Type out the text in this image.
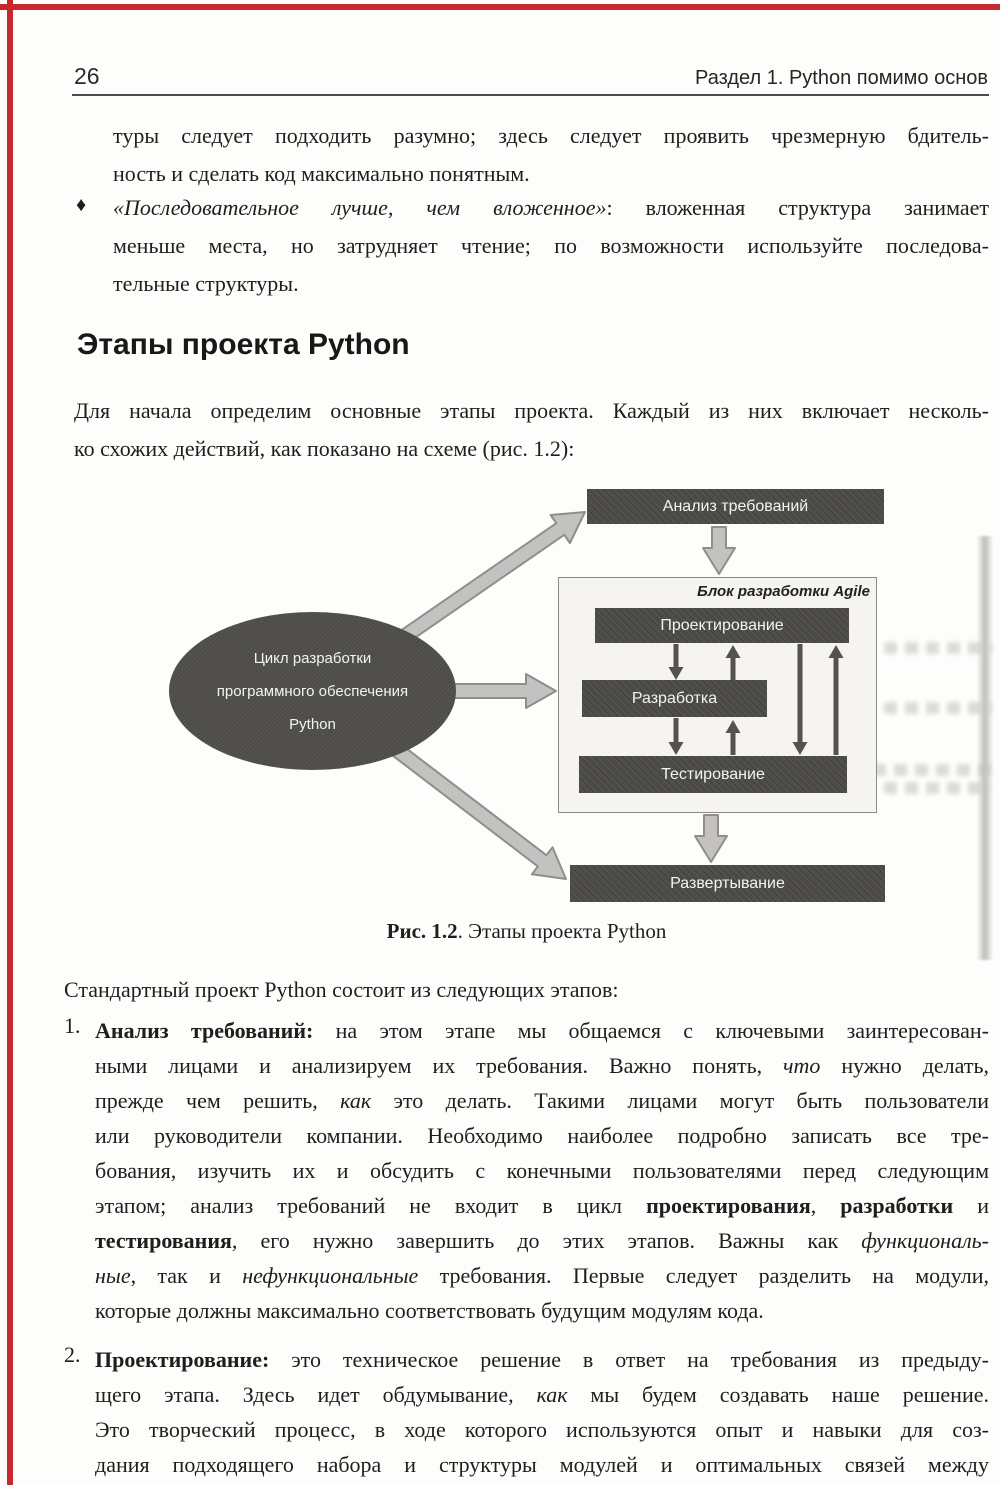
26	Раздел 1. Python помимо основ
туры следует подходить разумно; здесь следует проявить чрезмерную бдитель-
ность и сделать код максимально понятным.
♦ «Последовательное лучше, чем вложенное»: вложенная структура занимает
меньше места, но затрудняет чтение; по возможности используйте последова-
тельные структуры.
Этапы проекта Python
Для начала определим основные этапы проекта. Каждый из них включает несколь-
ко схожих действий, как показано на схеме (рис. 1.2):
Блок разработки Agile
Анализ требований
Проектирование
Разработка
Тестирование
Развертывание
Цикл разработки
программного обеспечения
Python
Рис. 1.2. Этапы проекта Python
Стандартный проект Python состоит из следующих этапов:
1. Анализ требований: на этом этапе мы общаемся с ключевыми заинтересован-
ными лицами и анализируем их требования. Важно понять, что нужно делать,
прежде чем решить, как это делать. Такими лицами могут быть пользователи
или руководители компании. Необходимо наиболее подробно записать все тре-
бования, изучить их и обсудить с конечными пользователями перед следующим
этапом; анализ требований не входит в цикл проектирования, разработки и
тестирования, его нужно завершить до этих этапов. Важны как функциональ-
ные, так и нефункциональные требования. Первые следует разделить на модули,
которые должны максимально соответствовать будущим модулям кода.
2. Проектирование: это техническое решение в ответ на требования из предыду-
щего этапа. Здесь идет обдумывание, как мы будем создавать наше решение.
Это творческий процесс, в ходе которого используются опыт и навыки для соз-
дания подходящего набора и структуры модулей и оптимальных связей между
